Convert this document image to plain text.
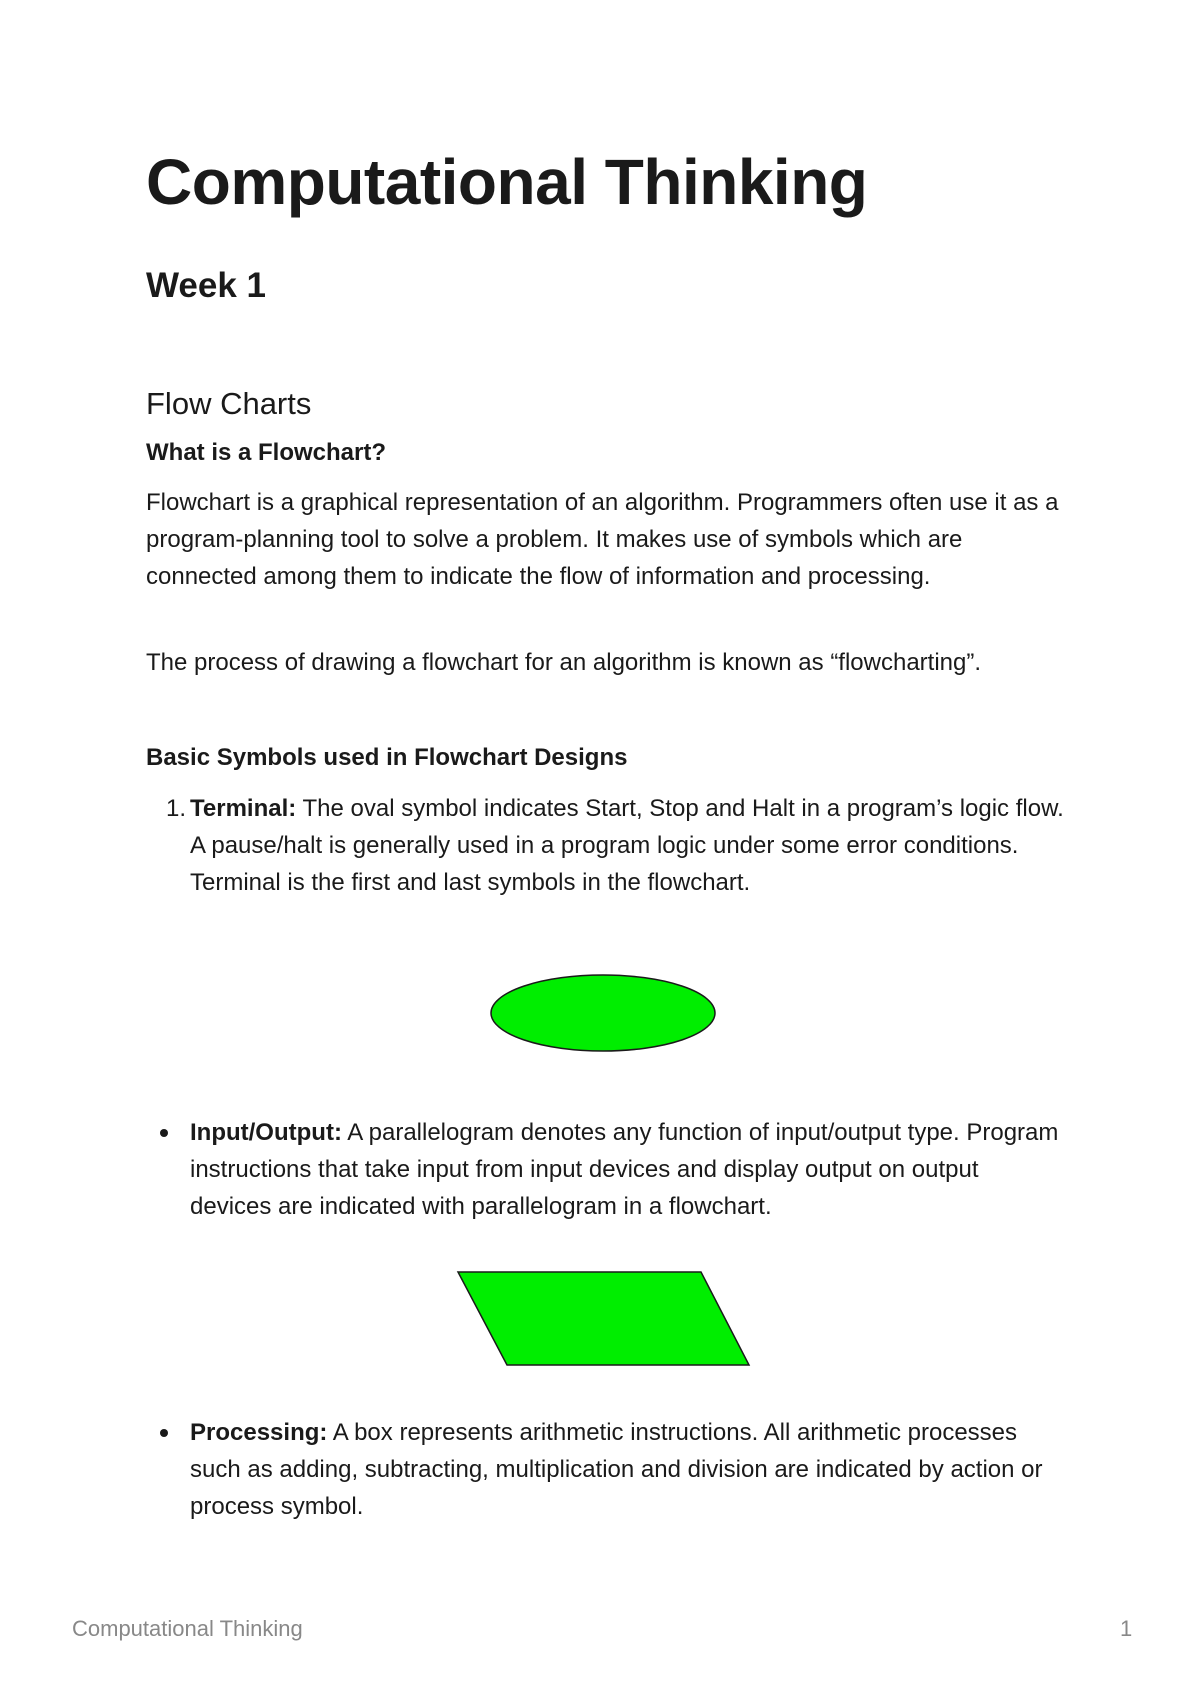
Computational Thinking
Week 1
Flow Charts
What is a Flowchart?

Flowchart is a graphical representation of an algorithm. Programmers often use it as a program-planning tool to solve a problem. It makes use of symbols which are connected among them to indicate the flow of information and processing.

The process of drawing a flowchart for an algorithm is known as “flowcharting”.

Basic Symbols used in Flowchart Designs
1. Terminal: The oval symbol indicates Start, Stop and Halt in a program’s logic flow. A pause/halt is generally used in a program logic under some error conditions. Terminal is the first and last symbols in the flowchart.
Input/Output: A parallelogram denotes any function of input/output type. Program instructions that take input from input devices and display output on output devices are indicated with parallelogram in a flowchart.
Processing: A box represents arithmetic instructions. All arithmetic processes such as adding, subtracting, multiplication and division are indicated by action or process symbol.
Computational Thinking	1
